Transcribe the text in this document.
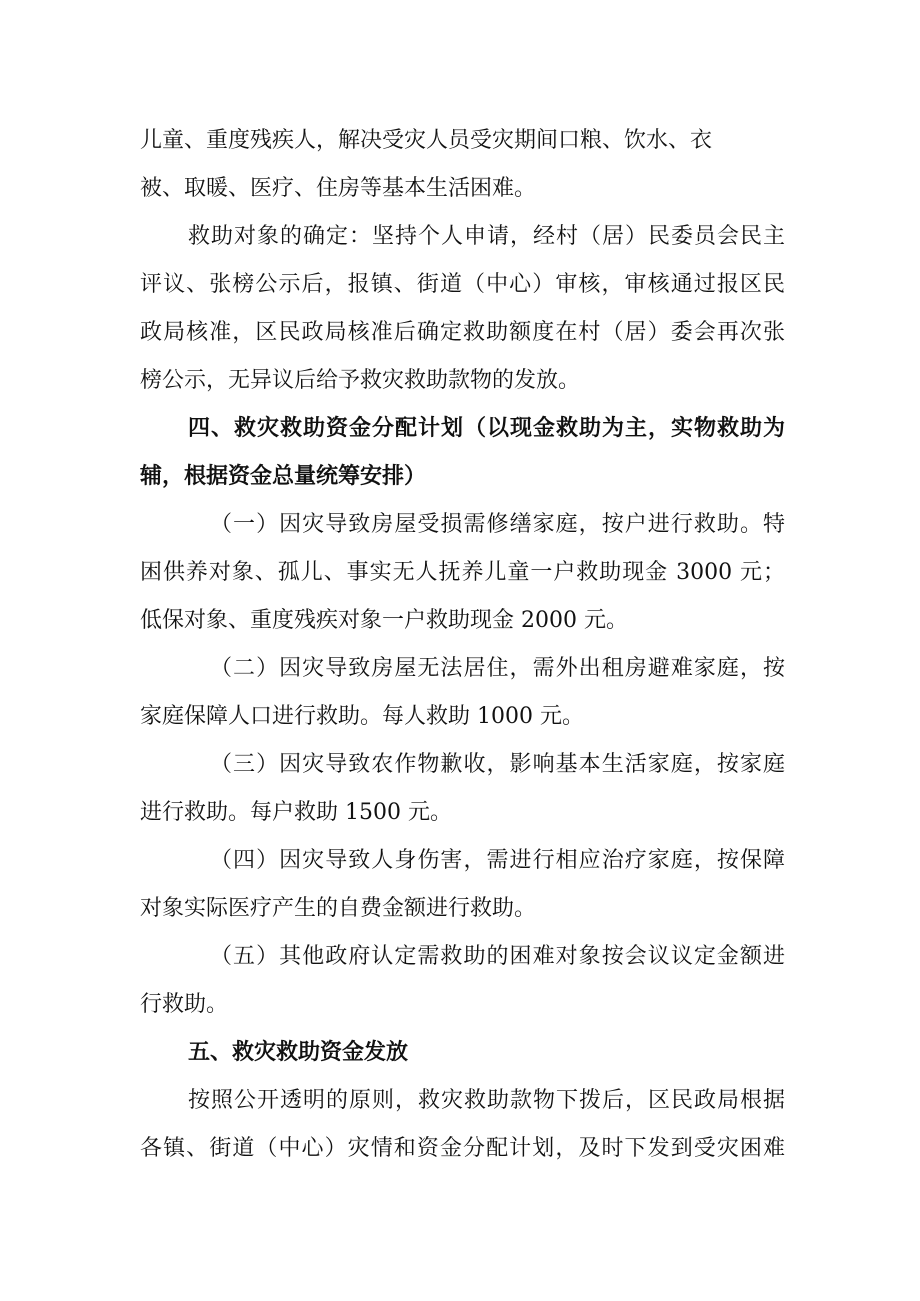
儿童、重度残疾人，解决受灾人员受灾期间口粮、饮水、衣
被、取暖、医疗、住房等基本生活困难。
救助对象的确定：坚持个人申请，经村（居）民委员会民主
评议、张榜公示后，报镇、街道（中心）审核，审核通过报区民
政局核准，区民政局核准后确定救助额度在村（居）委会再次张
榜公示，无异议后给予救灾救助款物的发放。
四、救灾救助资金分配计划（以现金救助为主，实物救助为
辅，根据资金总量统筹安排）
（一）因灾导致房屋受损需修缮家庭，按户进行救助。特
困供养对象、孤儿、事实无人抚养儿童一户救助现金 3000 元；
低保对象、重度残疾对象一户救助现金 2000 元。
（二）因灾导致房屋无法居住，需外出租房避难家庭，按
家庭保障人口进行救助。每人救助 1000 元。
（三）因灾导致农作物歉收，影响基本生活家庭，按家庭
进行救助。每户救助 1500 元。
（四）因灾导致人身伤害，需进行相应治疗家庭，按保障
对象实际医疗产生的自费金额进行救助。
（五）其他政府认定需救助的困难对象按会议议定金额进
行救助。
五、救灾救助资金发放
按照公开透明的原则，救灾救助款物下拨后，区民政局根据
各镇、街道（中心）灾情和资金分配计划，及时下发到受灾困难
